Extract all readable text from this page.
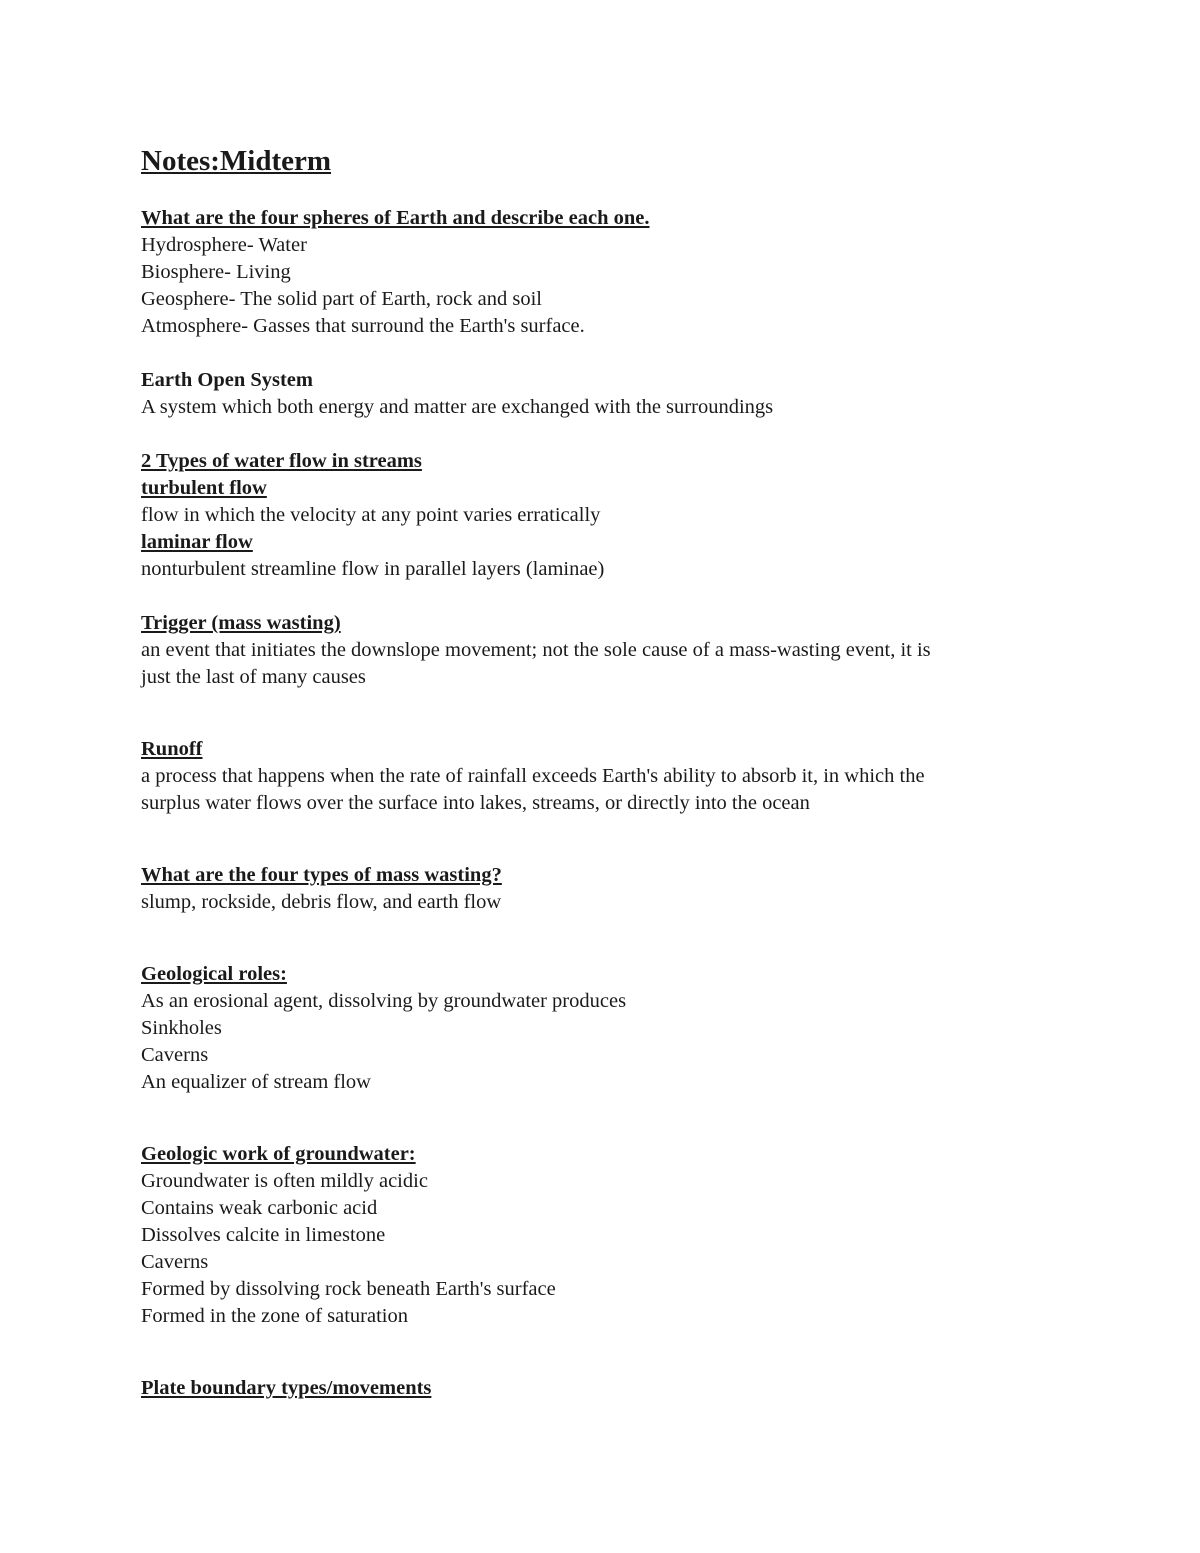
Notes:Midterm
What are the four spheres of Earth and describe each one.
Hydrosphere- Water
Biosphere- Living
Geosphere- The solid part of Earth, rock and soil
Atmosphere- Gasses that surround the Earth's surface.
Earth Open System
A system which both energy and matter are exchanged with the surroundings
2 Types of water flow in streams
turbulent flow
flow in which the velocity at any point varies erratically
laminar flow
nonturbulent streamline flow in parallel layers (laminae)
Trigger (mass wasting)
an event that initiates the downslope movement; not the sole cause of a mass-wasting event, it is
just the last of many causes
Runoff
a process that happens when the rate of rainfall exceeds Earth's ability to absorb it, in which the
surplus water flows over the surface into lakes, streams, or directly into the ocean
What are the four types of mass wasting?
slump, rockside, debris flow, and earth flow
Geological roles:
As an erosional agent, dissolving by groundwater produces
Sinkholes
Caverns
An equalizer of stream flow
Geologic work of groundwater:
Groundwater is often mildly acidic
Contains weak carbonic acid
Dissolves calcite in limestone
Caverns
Formed by dissolving rock beneath Earth's surface
Formed in the zone of saturation
Plate boundary types/movements
